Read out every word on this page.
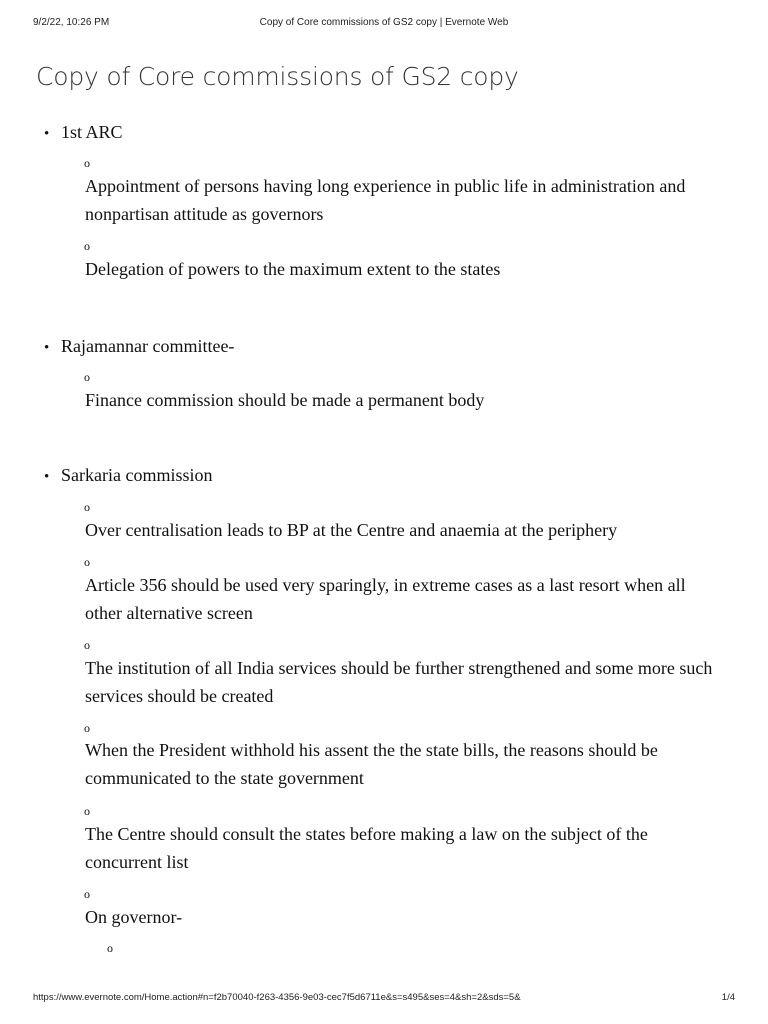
9/2/22, 10:26 PM	Copy of Core commissions of GS2 copy | Evernote Web
Copy of Core commissions of GS2 copy
• 1st ARC
o
Appointment of persons having long experience in public life in administration and nonpartisan attitude as governors
o
Delegation of powers to the maximum extent to the states
• Rajamannar committee-
o
Finance commission should be made a permanent body
• Sarkaria commission
o
Over centralisation leads to BP at the Centre and anaemia at the periphery
o
Article 356 should be used very sparingly, in extreme cases as a last resort when all other alternative screen
o
The institution of all India services should be further strengthened and some more such services should be created
o
When the President withhold his assent the the state bills, the reasons should be communicated to the state government
o
The Centre should consult the states before making a law on the subject of the concurrent list
o
On governor-
o
https://www.evernote.com/Home.action#n=f2b70040-f263-4356-9e03-cec7f5d6711e&s=s495&ses=4&sh=2&sds=5&	1/4
